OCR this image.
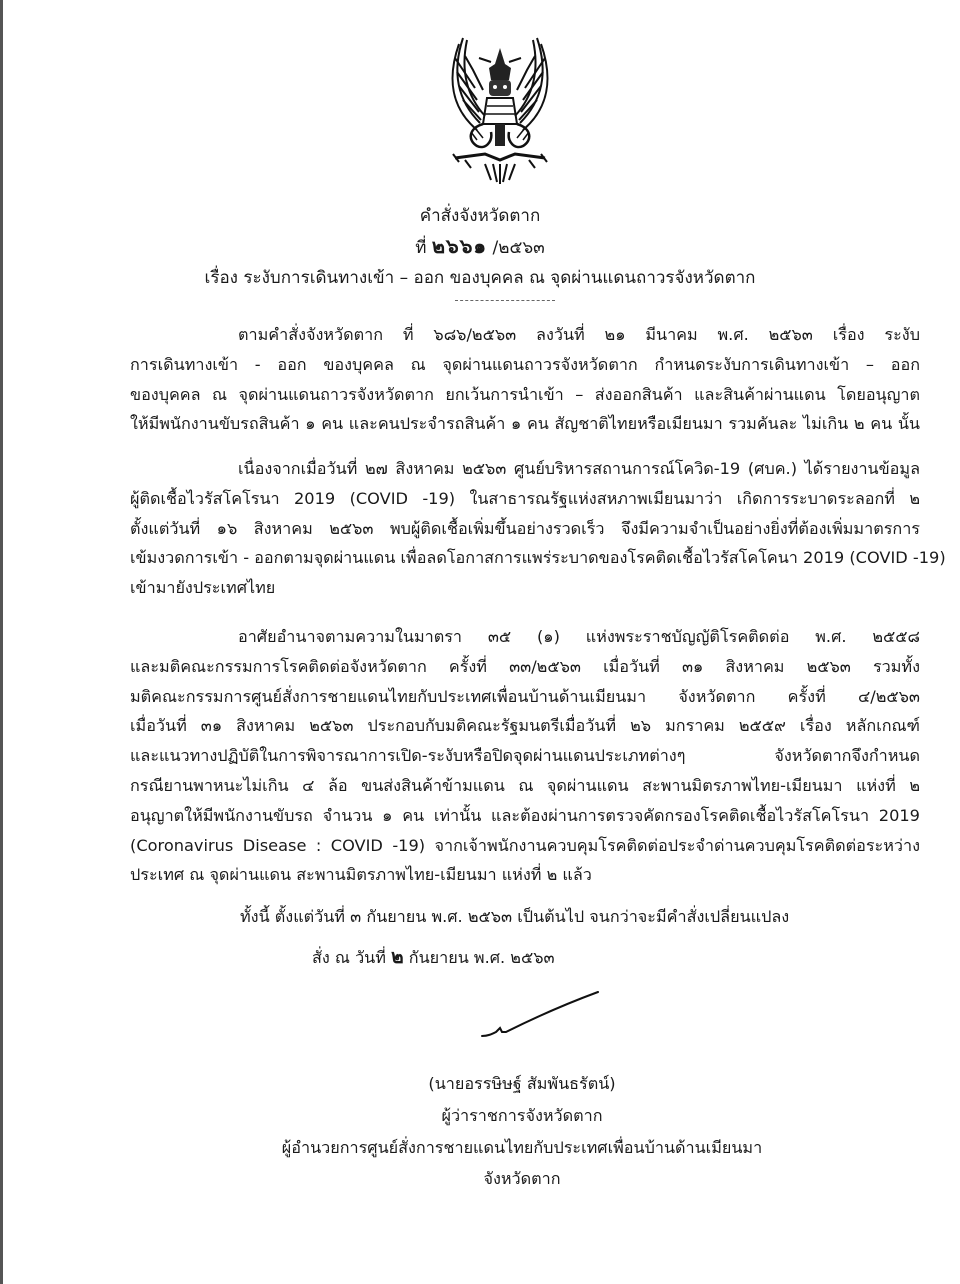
คำสั่งจังหวัดตาก
ที่ ๒๖๖๑ /๒๕๖๓
เรื่อง ระงับการเดินทางเข้า – ออก ของบุคคล ณ จุดผ่านแดนถาวรจังหวัดตาก
ตามคำสั่งจังหวัดตาก ที่ ๖๘๖/๒๕๖๓ ลงวันที่ ๒๑ มีนาคม พ.ศ. ๒๕๖๓ เรื่อง ระงับ
การเดินทางเข้า - ออก ของบุคคล ณ จุดผ่านแดนถาวรจังหวัดตาก กำหนดระงับการเดินทางเข้า – ออก
ของบุคคล ณ จุดผ่านแดนถาวรจังหวัดตาก ยกเว้นการนำเข้า – ส่งออกสินค้า และสินค้าผ่านแดน โดยอนุญาต
ให้มีพนักงานขับรถสินค้า ๑ คน และคนประจำรถสินค้า ๑ คน สัญชาติไทยหรือเมียนมา รวมคันละ ไม่เกิน ๒ คน นั้น
เนื่องจากเมื่อวันที่ ๒๗ สิงหาคม ๒๕๖๓ ศูนย์บริหารสถานการณ์โควิด-19 (ศบค.) ได้รายงานข้อมูล
ผู้ติดเชื้อไวรัสโคโรนา 2019 (COVID -19) ในสาธารณรัฐแห่งสหภาพเมียนมาว่า เกิดการระบาดระลอกที่ ๒
ตั้งแต่วันที่ ๑๖ สิงหาคม ๒๕๖๓ พบผู้ติดเชื้อเพิ่มขึ้นอย่างรวดเร็ว จึงมีความจำเป็นอย่างยิ่งที่ต้องเพิ่มมาตรการ
เข้มงวดการเข้า - ออกตามจุดผ่านแดน เพื่อลดโอกาสการแพร่ระบาดของโรคติดเชื้อไวรัสโคโคนา 2019 (COVID -19)
เข้ามายังประเทศไทย
อาศัยอำนาจตามความในมาตรา ๓๕ (๑) แห่งพระราชบัญญัติโรคติดต่อ พ.ศ. ๒๕๕๘
และมติคณะกรรมการโรคติดต่อจังหวัดตาก ครั้งที่ ๓๓/๒๕๖๓ เมื่อวันที่ ๓๑ สิงหาคม ๒๕๖๓ รวมทั้ง
มติคณะกรรมการศูนย์สั่งการชายแดนไทยกับประเทศเพื่อนบ้านด้านเมียนมา จังหวัดตาก ครั้งที่ ๔/๒๕๖๓
เมื่อวันที่ ๓๑ สิงหาคม ๒๕๖๓ ประกอบกับมติคณะรัฐมนตรีเมื่อวันที่ ๒๖ มกราคม ๒๕๕๙ เรื่อง หลักเกณฑ์
และแนวทางปฏิบัติในการพิจารณาการเปิด-ระงับหรือปิดจุดผ่านแดนประเภทต่างๆ จังหวัดตากจึงกำหนด
กรณียานพาหนะไม่เกิน ๔ ล้อ ขนส่งสินค้าข้ามแดน ณ จุดผ่านแดน สะพานมิตรภาพไทย-เมียนมา แห่งที่ ๒
อนุญาตให้มีพนักงานขับรถ จำนวน ๑ คน เท่านั้น และต้องผ่านการตรวจคัดกรองโรคติดเชื้อไวรัสโคโรนา 2019
(Coronavirus Disease : COVID -19) จากเจ้าพนักงานควบคุมโรคติดต่อประจำด่านควบคุมโรคติดต่อระหว่าง
ประเทศ ณ จุดผ่านแดน สะพานมิตรภาพไทย-เมียนมา แห่งที่ ๒ แล้ว
ทั้งนี้ ตั้งแต่วันที่ ๓ กันยายน พ.ศ. ๒๕๖๓ เป็นต้นไป จนกว่าจะมีคำสั่งเปลี่ยนแปลง
สั่ง ณ วันที่ ๒ กันยายน พ.ศ. ๒๕๖๓
(นายอรรษิษฐ์ สัมพันธรัตน์)
ผู้ว่าราชการจังหวัดตาก
ผู้อำนวยการศูนย์สั่งการชายแดนไทยกับประเทศเพื่อนบ้านด้านเมียนมา
จังหวัดตาก
